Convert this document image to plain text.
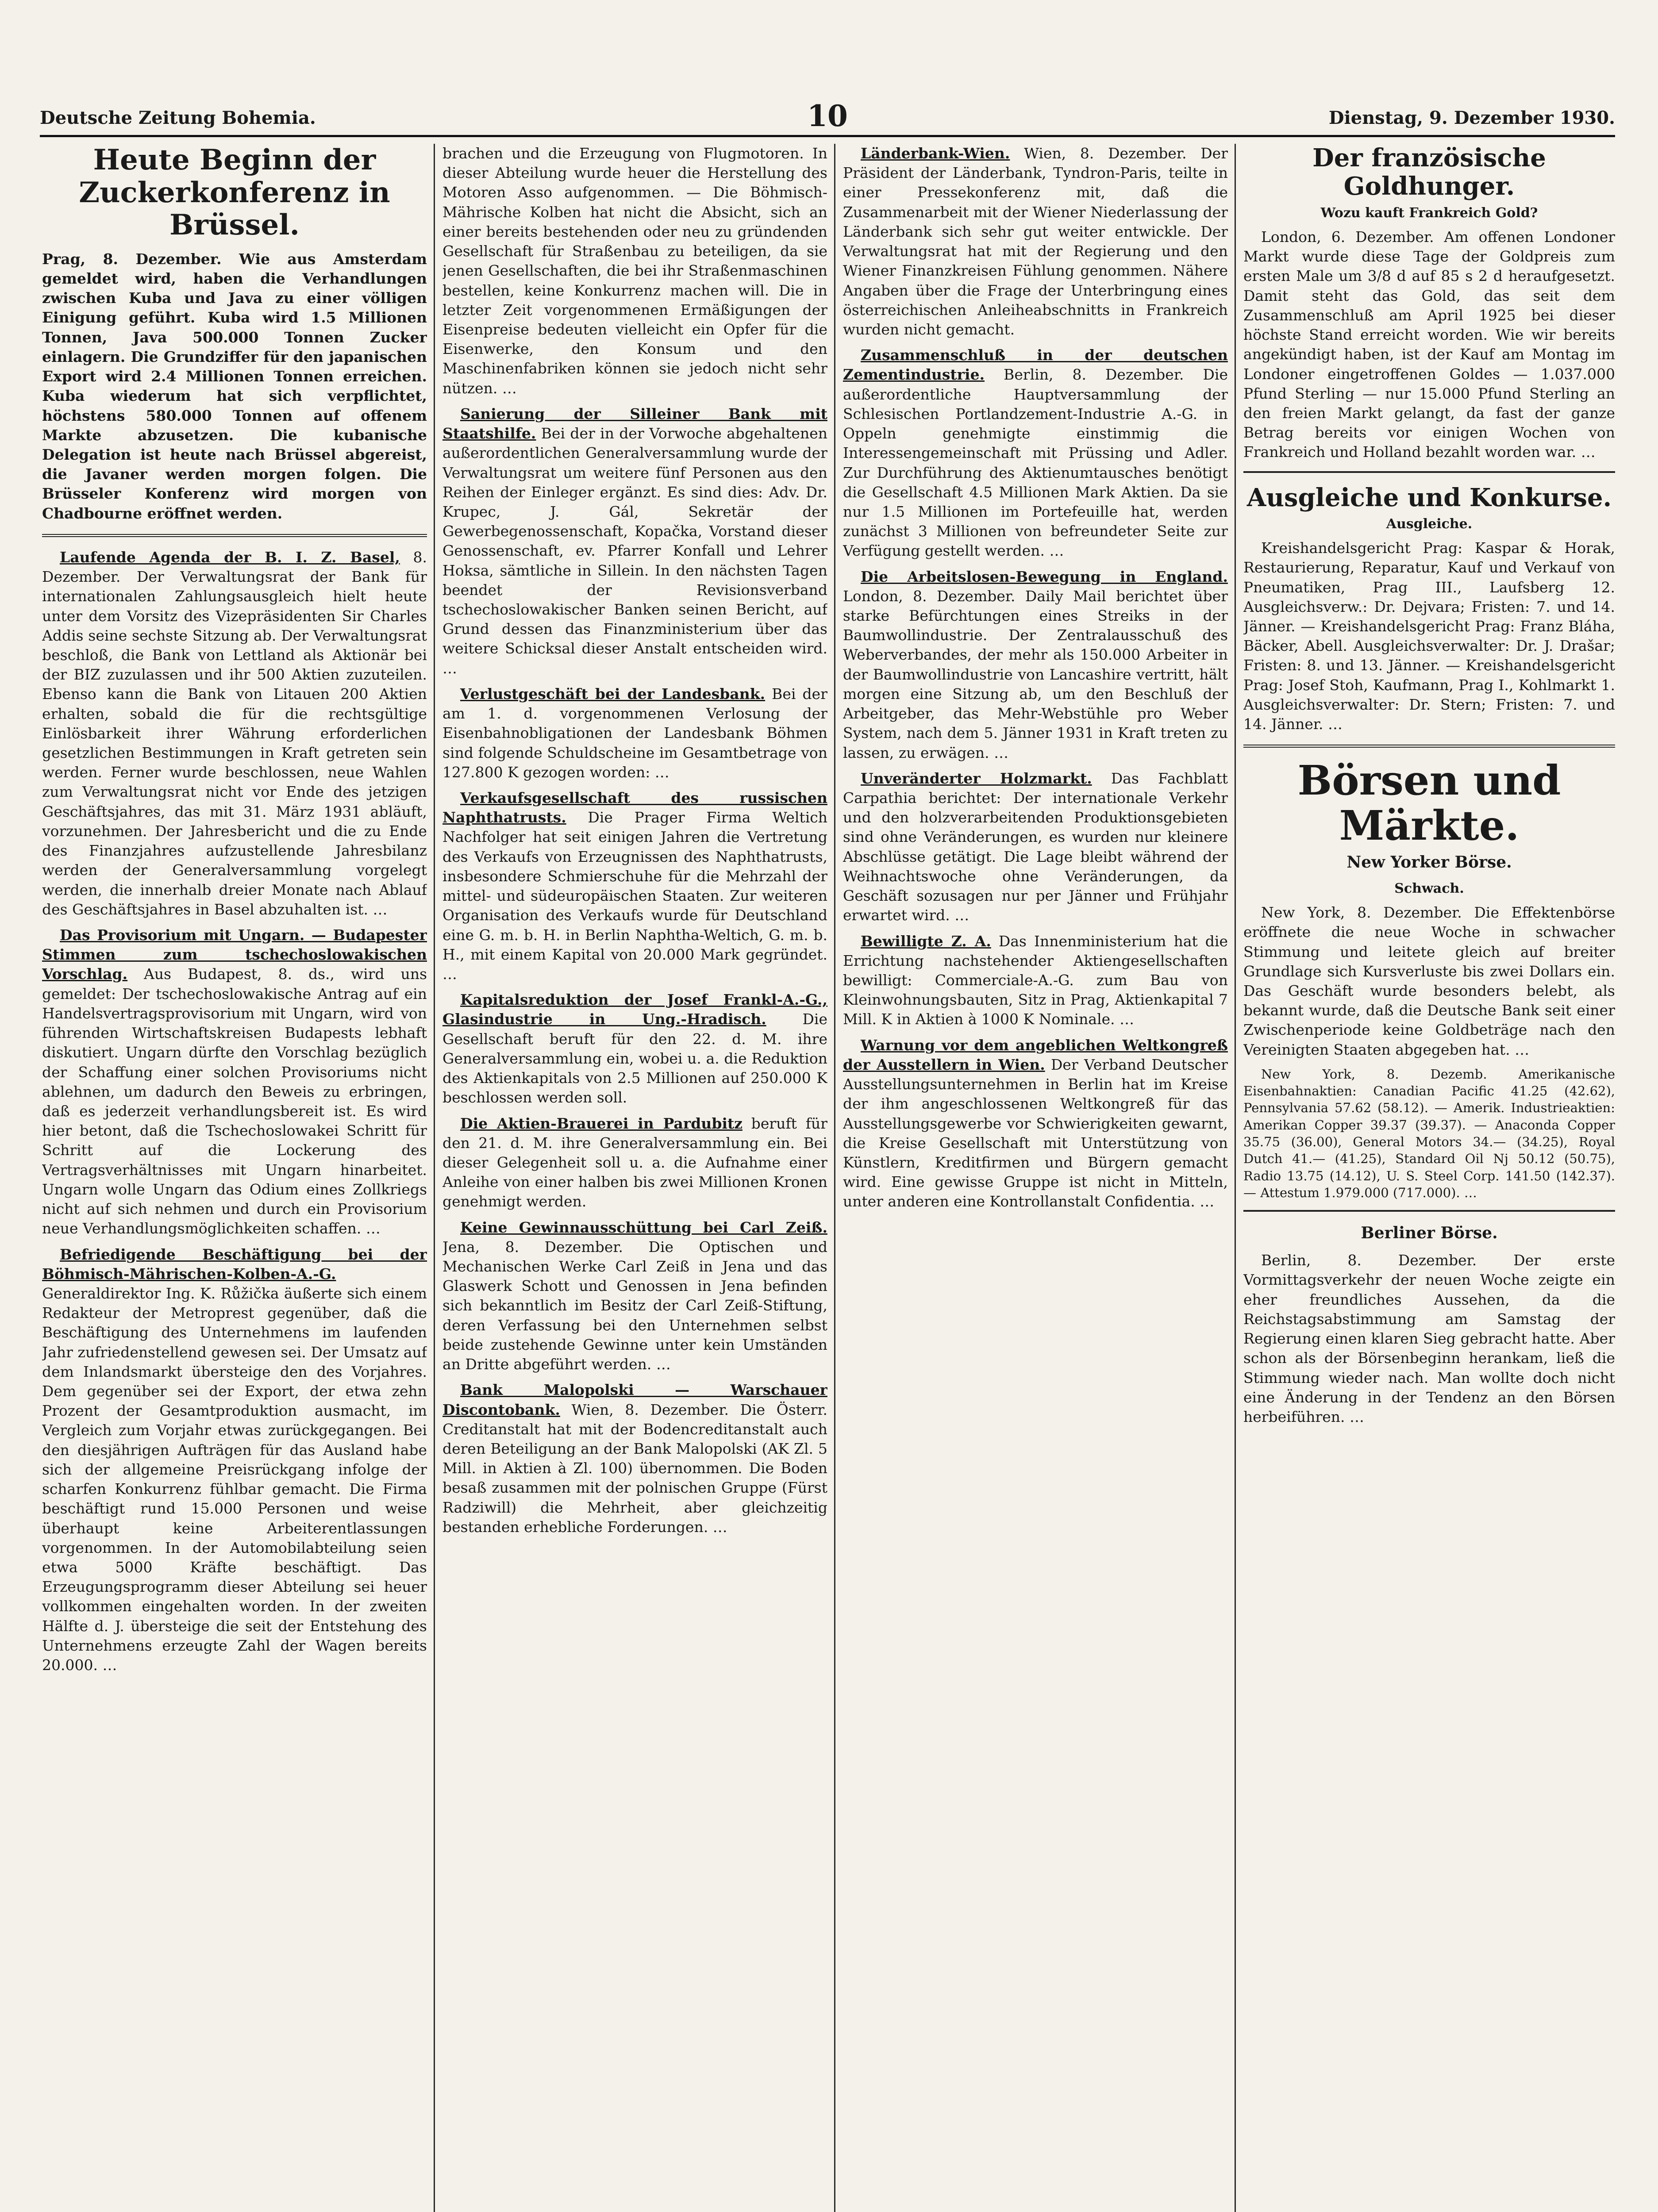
Deutsche Zeitung Bohemia.	10	Dienstag, 9. Dezember 1930.
Heute Beginn der Zuckerkonferenz in Brüssel.

Prag, 8. Dezember. Wie aus Amsterdam gemeldet wird, haben die Verhandlungen zwischen Kuba und Java zu einer völligen Einigung geführt. Kuba wird 1.5 Millionen Tonnen, Java 500.000 Tonnen Zucker einlagern. Die Grundziffer für den japanischen Export wird 2.4 Millionen Tonnen erreichen. Kuba wiederum hat sich verpflichtet, höchstens 580.000 Tonnen auf offenem Markte abzusetzen. Die kubanische Delegation ist heute nach Brüssel abgereist, die Javaner werden morgen folgen. Die Brüsseler Konferenz wird morgen von Chadbourne eröffnet werden.

Laufende Agenda der B. I. Z. Basel, 8. Dezember. Der Verwaltungsrat der Bank für internationalen Zahlungsausgleich hielt heute unter dem Vorsitz des Vizepräsidenten Sir Charles Addis seine sechste Sitzung ab. Der Verwaltungsrat beschloß, die Bank von Lettland als Aktionär bei der BIZ zuzulassen und ihr 500 Aktien zuzuteilen. Ebenso kann die Bank von Litauen 200 Aktien erhalten, sobald die für die rechtsgültige Einlösbarkeit ihrer Währung erforderlichen gesetzlichen Bestimmungen in Kraft getreten sein werden. Ferner wurde beschlossen, neue Wahlen zum Verwaltungsrat nicht vor Ende des jetzigen Geschäftsjahres, das mit 31. März 1931 abläuft, vorzunehmen. Der Jahresbericht und die zu Ende des Finanzjahres aufzustellende Jahresbilanz werden der Generalversammlung vorgelegt werden, die innerhalb dreier Monate nach Ablauf des Geschäftsjahres in Basel abzuhalten ist. …

Das Provisorium mit Ungarn. — Budapester Stimmen zum tschechoslowakischen Vorschlag. Aus Budapest, 8. ds., wird uns gemeldet: Der tschechoslowakische Antrag auf ein Handelsvertragsprovisorium mit Ungarn, wird von führenden Wirtschaftskreisen Budapests lebhaft diskutiert. Ungarn dürfte den Vorschlag bezüglich der Schaffung einer solchen Provisoriums nicht ablehnen, um dadurch den Beweis zu erbringen, daß es jederzeit verhandlungsbereit ist. Es wird hier betont, daß die Tschechoslowakei Schritt für Schritt auf die Lockerung des Vertragsverhältnisses mit Ungarn hinarbeitet. Ungarn wolle Ungarn das Odium eines Zollkriegs nicht auf sich nehmen und durch ein Provisorium neue Verhandlungsmöglichkeiten schaffen. …

Befriedigende Beschäftigung bei der Böhmisch-Mährischen-Kolben-A.-G. Generaldirektor Ing. K. Růžička äußerte sich einem Redakteur der Metroprest gegenüber, daß die Beschäftigung des Unternehmens im laufenden Jahr zufriedenstellend gewesen sei. Der Umsatz auf dem Inlandsmarkt übersteige den des Vorjahres. Dem gegenüber sei der Export, der etwa zehn Prozent der Gesamtproduktion ausmacht, im Vergleich zum Vorjahr etwas zurückgegangen. Bei den diesjährigen Aufträgen für das Ausland habe sich der allgemeine Preisrückgang infolge der scharfen Konkurrenz fühlbar gemacht. Die Firma beschäftigt rund 15.000 Personen und weise überhaupt keine Arbeiterentlassungen vorgenommen. In der Automobilabteilung seien etwa 5000 Kräfte beschäftigt. Das Erzeugungsprogramm dieser Abteilung sei heuer vollkommen eingehalten worden. In der zweiten Hälfte d. J. übersteige die seit der Entstehung des Unternehmens erzeugte Zahl der Wagen bereits 20.000. …

brachen und die Erzeugung von Flugmotoren. In dieser Abteilung wurde heuer die Herstellung des Motoren Asso aufgenommen. — Die Böhmisch-Mährische Kolben hat nicht die Absicht, sich an einer bereits bestehenden oder neu zu gründenden Gesellschaft für Straßenbau zu beteiligen, da sie jenen Gesellschaften, die bei ihr Straßenmaschinen bestellen, keine Konkurrenz machen will. Die in letzter Zeit vorgenommenen Ermäßigungen der Eisenpreise bedeuten vielleicht ein Opfer für die Eisenwerke, den Konsum und den Maschinenfabriken können sie jedoch nicht sehr nützen. …

Sanierung der Silleiner Bank mit Staatshilfe. Bei der in der Vorwoche abgehaltenen außerordentlichen Generalversammlung wurde der Verwaltungsrat um weitere fünf Personen aus den Reihen der Einleger ergänzt. Es sind dies: Adv. Dr. Krupec, J. Gál, Sekretär der Gewerbegenossenschaft, Kopačka, Vorstand dieser Genossenschaft, ev. Pfarrer Konfall und Lehrer Hoksa, sämtliche in Sillein. In den nächsten Tagen beendet der Revisionsverband tschechoslowakischer Banken seinen Bericht, auf Grund dessen das Finanzministerium über das weitere Schicksal dieser Anstalt entscheiden wird. …

Verlustgeschäft bei der Landesbank. Bei der am 1. d. vorgenommenen Verlosung der Eisenbahnobligationen der Landesbank Böhmen sind folgende Schuldscheine im Gesamtbetrage von 127.800 K gezogen worden: …

Verkaufsgesellschaft des russischen Naphthatrusts. Die Prager Firma Weltich Nachfolger hat seit einigen Jahren die Vertretung des Verkaufs von Erzeugnissen des Naphthatrusts, insbesondere Schmierschuhe für die Mehrzahl der mittel- und südeuropäischen Staaten. Zur weiteren Organisation des Verkaufs wurde für Deutschland eine G. m. b. H. in Berlin Naphtha-Weltich, G. m. b. H., mit einem Kapital von 20.000 Mark gegründet. …

Kapitalsreduktion der Josef Frankl-A.-G., Glasindustrie in Ung.-Hradisch. Die Gesellschaft beruft für den 22. d. M. ihre Generalversammlung ein, wobei u. a. die Reduktion des Aktienkapitals von 2.5 Millionen auf 250.000 K beschlossen werden soll.

Die Aktien-Brauerei in Pardubitz beruft für den 21. d. M. ihre Generalversammlung ein. Bei dieser Gelegenheit soll u. a. die Aufnahme einer Anleihe von einer halben bis zwei Millionen Kronen genehmigt werden.

Keine Gewinnausschüttung bei Carl Zeiß. Jena, 8. Dezember. Die Optischen und Mechanischen Werke Carl Zeiß in Jena und das Glaswerk Schott und Genossen in Jena befinden sich bekanntlich im Besitz der Carl Zeiß-Stiftung, deren Verfassung bei den Unternehmen selbst beide zustehende Gewinne unter kein Umständen an Dritte abgeführt werden. …

Bank Malopolski — Warschauer Discontobank. Wien, 8. Dezember. Die Österr. Creditanstalt hat mit der Bodencreditanstalt auch deren Beteiligung an der Bank Malopolski (AK Zl. 5 Mill. in Aktien à Zl. 100) übernommen. Die Boden besaß zusammen mit der polnischen Gruppe (Fürst Radziwill) die Mehrheit, aber gleichzeitig bestanden erhebliche Forderungen. …

Länderbank-Wien. Wien, 8. Dezember. Der Präsident der Länderbank, Tyndron-Paris, teilte in einer Pressekonferenz mit, daß die Zusammenarbeit mit der Wiener Niederlassung der Länderbank sich sehr gut weiter entwickle. Der Verwaltungsrat hat mit der Regierung und den Wiener Finanzkreisen Fühlung genommen. Nähere Angaben über die Frage der Unterbringung eines österreichischen Anleiheabschnitts in Frankreich wurden nicht gemacht.

Zusammenschluß in der deutschen Zementindustrie. Berlin, 8. Dezember. Die außerordentliche Hauptversammlung der Schlesischen Portlandzement-Industrie A.-G. in Oppeln genehmigte einstimmig die Interessengemeinschaft mit Prüssing und Adler. Zur Durchführung des Aktienumtausches benötigt die Gesellschaft 4.5 Millionen Mark Aktien. Da sie nur 1.5 Millionen im Portefeuille hat, werden zunächst 3 Millionen von befreundeter Seite zur Verfügung gestellt werden. …

Die Arbeitslosen-Bewegung in England. London, 8. Dezember. Daily Mail berichtet über starke Befürchtungen eines Streiks in der Baumwollindustrie. Der Zentralausschuß des Weberverbandes, der mehr als 150.000 Arbeiter in der Baumwollindustrie von Lancashire vertritt, hält morgen eine Sitzung ab, um den Beschluß der Arbeitgeber, das Mehr-Webstühle pro Weber System, nach dem 5. Jänner 1931 in Kraft treten zu lassen, zu erwägen. …

Unveränderter Holzmarkt. Das Fachblatt Carpathia berichtet: Der internationale Verkehr und den holzverarbeitenden Produktionsgebieten sind ohne Veränderungen, es wurden nur kleinere Abschlüsse getätigt. Die Lage bleibt während der Weihnachtswoche ohne Veränderungen, da Geschäft sozusagen nur per Jänner und Frühjahr erwartet wird. …

Bewilligte Z. A. Das Innenministerium hat die Errichtung nachstehender Aktiengesellschaften bewilligt: Commerciale-A.-G. zum Bau von Kleinwohnungsbauten, Sitz in Prag, Aktienkapital 7 Mill. K in Aktien à 1000 K Nominale. …

Warnung vor dem angeblichen Weltkongreß der Ausstellern in Wien. Der Verband Deutscher Ausstellungsunternehmen in Berlin hat im Kreise der ihm angeschlossenen Weltkongreß für das Ausstellungsgewerbe vor Schwierigkeiten gewarnt, die Kreise Gesellschaft mit Unterstützung von Künstlern, Kreditfirmen und Bürgern gemacht wird. Eine gewisse Gruppe ist nicht in Mitteln, unter anderen eine Kontrollanstalt Confidentia. …

Der französische Goldhunger.
Wozu kauft Frankreich Gold?

London, 6. Dezember. Am offenen Londoner Markt wurde diese Tage der Goldpreis zum ersten Male um 3/8 d auf 85 s 2 d heraufgesetzt. Damit steht das Gold, das seit dem Zusammenschluß am April 1925 bei dieser höchste Stand erreicht worden. Wie wir bereits angekündigt haben, ist der Kauf am Montag im Londoner eingetroffenen Goldes — 1.037.000 Pfund Sterling — nur 15.000 Pfund Sterling an den freien Markt gelangt, da fast der ganze Betrag bereits vor einigen Wochen von Frankreich und Holland bezahlt worden war. …

Ausgleiche und Konkurse.
Ausgleiche.

Kreishandelsgericht Prag: Kaspar & Horak, Restaurierung, Reparatur, Kauf und Verkauf von Pneumatiken, Prag III., Laufsberg 12. Ausgleichsverw.: Dr. Dejvara; Fristen: 7. und 14. Jänner. — Kreishandelsgericht Prag: Franz Bláha, Bäcker, Abell. Ausgleichsverwalter: Dr. J. Drašar; Fristen: 8. und 13. Jänner. — Kreishandelsgericht Prag: Josef Stoh, Kaufmann, Prag I., Kohlmarkt 1. Ausgleichsverwalter: Dr. Stern; Fristen: 7. und 14. Jänner. …

Börsen und Märkte.
New Yorker Börse.
Schwach.

New York, 8. Dezember. Die Effektenbörse eröffnete die neue Woche in schwacher Stimmung und leitete gleich auf breiter Grundlage sich Kursverluste bis zwei Dollars ein. Das Geschäft wurde besonders belebt, als bekannt wurde, daß die Deutsche Bank seit einer Zwischenperiode keine Goldbeträge nach den Vereinigten Staaten abgegeben hat. …

New York, 8. Dezemb. Amerikanische Eisenbahnaktien: Canadian Pacific 41.25 (42.62), Pennsylvania 57.62 (58.12). — Amerik. Industrieaktien: Amerikan Copper 39.37 (39.37). — Anaconda Copper 35.75 (36.00), General Motors 34.— (34.25), Royal Dutch 41.— (41.25), Standard Oil Nj 50.12 (50.75), Radio 13.75 (14.12), U. S. Steel Corp. 141.50 (142.37). — Attestum 1.979.000 (717.000). …

Berliner Börse.

Berlin, 8. Dezember. Der erste Vormittagsverkehr der neuen Woche zeigte ein eher freundliches Aussehen, da die Reichstagsabstimmung am Samstag der Regierung einen klaren Sieg gebracht hatte. Aber schon als der Börsenbeginn herankam, ließ die Stimmung wieder nach. Man wollte doch nicht eine Änderung in der Tendenz an den Börsen herbeiführen. …
